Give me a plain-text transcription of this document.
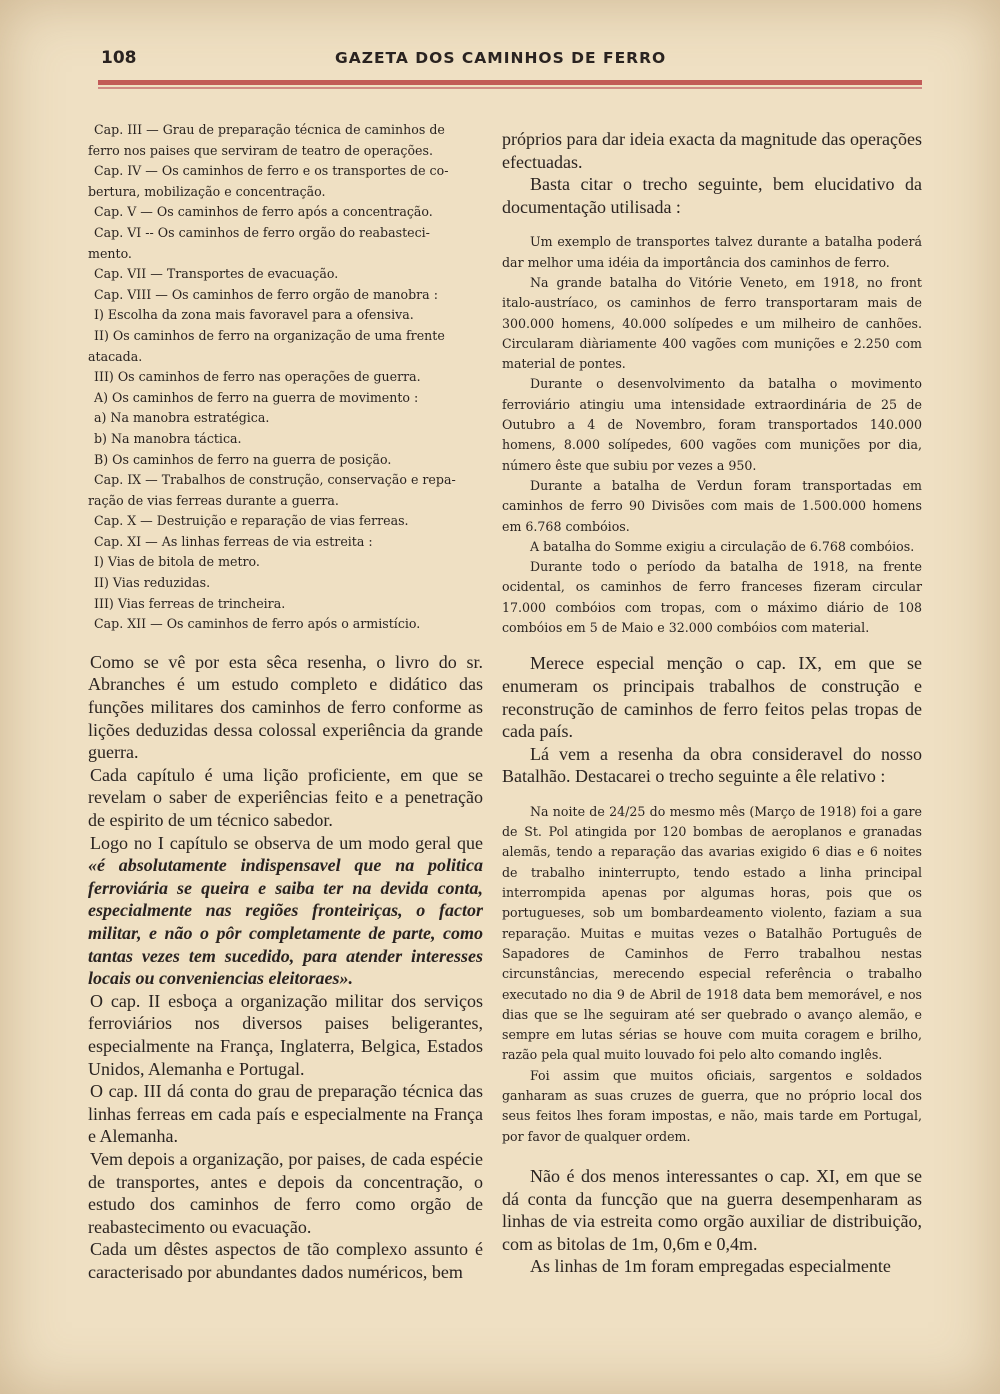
108	GAZETA DOS CAMINHOS DE FERRO
Cap. III — Grau de preparação técnica de caminhos de
ferro nos paises que serviram de teatro de operações.
Cap. IV — Os caminhos de ferro e os transportes de co-
bertura, mobilização e concentração.
Cap. V — Os caminhos de ferro após a concentração.
Cap. VI -- Os caminhos de ferro orgão do reabasteci-
mento.
Cap. VII — Transportes de evacuação.
Cap. VIII — Os caminhos de ferro orgão de manobra :
I) Escolha da zona mais favoravel para a ofensiva.
II) Os caminhos de ferro na organização de uma frente
atacada.
III) Os caminhos de ferro nas operações de guerra.
A) Os caminhos de ferro na guerra de movimento :
a) Na manobra estratégica.
b) Na manobra táctica.
B) Os caminhos de ferro na guerra de posição.
Cap. IX — Trabalhos de construção, conservação e repa-
ração de vias ferreas durante a guerra.
Cap. X — Destruição e reparação de vias ferreas.
Cap. XI — As linhas ferreas de via estreita :
I) Vias de bitola de metro.
II) Vias reduzidas.
III) Vias ferreas de trincheira.
Cap. XII — Os caminhos de ferro após o armistício.

Como se vê por esta sêca resenha, o livro do sr. Abranches é um estudo completo e didático das funções militares dos caminhos de ferro conforme as lições deduzidas dessa colossal experiência da grande guerra.

Cada capítulo é uma lição proficiente, em que se revelam o saber de experiências feito e a penetração de espirito de um técnico sabedor.

Logo no I capítulo se observa de um modo geral que «é absolutamente indispensavel que na politica ferroviária se queira e saiba ter na devida conta, especialmente nas regiões fronteiriças, o factor militar, e não o pôr completamente de parte, como tantas vezes tem sucedido, para atender interesses locais ou conveniencias eleitoraes».

O cap. II esboça a organização militar dos serviços ferroviários nos diversos paises beligerantes, especialmente na França, Inglaterra, Belgica, Estados Unidos, Alemanha e Portugal.

O cap. III dá conta do grau de preparação técnica das linhas ferreas em cada país e especialmente na França e Alemanha.

Vem depois a organização, por paises, de cada espécie de transportes, antes e depois da concentração, o estudo dos caminhos de ferro como orgão de reabastecimento ou evacuação.

Cada um dêstes aspectos de tão complexo assunto é caracterisado por abundantes dados numéricos, bem

próprios para dar ideia exacta da magnitude das operações efectuadas.

Basta citar o trecho seguinte, bem elucidativo da documentação utilisada :

Um exemplo de transportes talvez durante a batalha poderá dar melhor uma idéia da importância dos caminhos de ferro.

Na grande batalha do Vitórie Veneto, em 1918, no front italo-austríaco, os caminhos de ferro transportaram mais de 300.000 homens, 40.000 solípedes e um milheiro de canhões. Circularam diàriamente 400 vagões com munições e 2.250 com material de pontes.

Durante o desenvolvimento da batalha o movimento ferroviário atingiu uma intensidade extraordinária de 25 de Outubro a 4 de Novembro, foram transportados 140.000 homens, 8.000 solípedes, 600 vagões com munições por dia, número êste que subiu por vezes a 950.

Durante a batalha de Verdun foram transportadas em caminhos de ferro 90 Divisões com mais de 1.500.000 homens em 6.768 combóios.

A batalha do Somme exigiu a circulação de 6.768 combóios.

Durante todo o período da batalha de 1918, na frente ocidental, os caminhos de ferro franceses fizeram circular 17.000 combóios com tropas, com o máximo diário de 108 combóios em 5 de Maio e 32.000 combóios com material.

Merece especial menção o cap. IX, em que se enumeram os principais trabalhos de construção e reconstrução de caminhos de ferro feitos pelas tropas de cada país.

Lá vem a resenha da obra consideravel do nosso Batalhão. Destacarei o trecho seguinte a êle relativo :

Na noite de 24/25 do mesmo mês (Março de 1918) foi a gare de St. Pol atingida por 120 bombas de aeroplanos e granadas alemãs, tendo a reparação das avarias exigido 6 dias e 6 noites de trabalho ininterrupto, tendo estado a linha principal interrompida apenas por algumas horas, pois que os portugueses, sob um bombardeamento violento, faziam a sua reparação. Muitas e muitas vezes o Batalhão Português de Sapadores de Caminhos de Ferro trabalhou nestas circunstâncias, merecendo especial referência o trabalho executado no dia 9 de Abril de 1918 data bem memorável, e nos dias que se lhe seguiram até ser quebrado o avanço alemão, e sempre em lutas sérias se houve com muita coragem e brilho, razão pela qual muito louvado foi pelo alto comando inglês.

Foi assim que muitos oficiais, sargentos e soldados ganharam as suas cruzes de guerra, que no próprio local dos seus feitos lhes foram impostas, e não, mais tarde em Portugal, por favor de qualquer ordem.

Não é dos menos interessantes o cap. XI, em que se dá conta da funcção que na guerra desempenharam as linhas de via estreita como orgão auxiliar de distribuição, com as bitolas de 1m, 0,6m e 0,4m.

As linhas de 1m foram empregadas especialmente
